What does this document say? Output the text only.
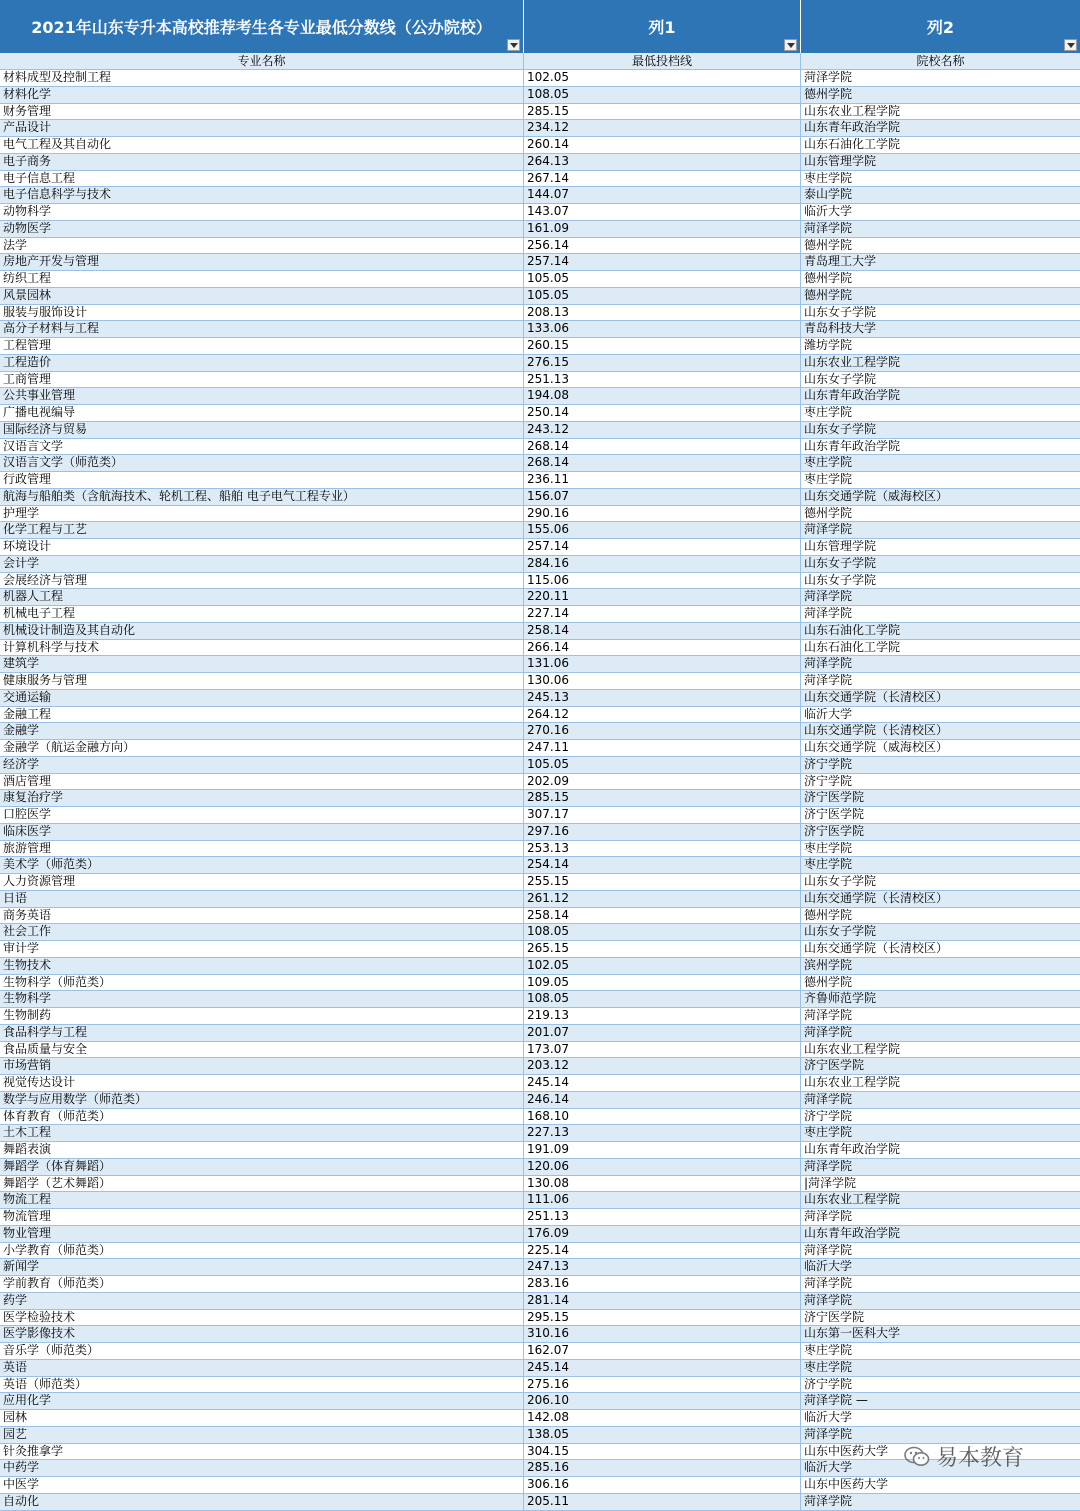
2021年山东专升本高校推荐考生各专业最低分数线（公办院校）	列1	列2
专业名称	最低投档线	院校名称
材料成型及控制工程	102.05	菏泽学院
材料化学	108.05	德州学院
财务管理	285.15	山东农业工程学院
产品设计	234.12	山东青年政治学院
电气工程及其自动化	260.14	山东石油化工学院
电子商务	264.13	山东管理学院
电子信息工程	267.14	枣庄学院
电子信息科学与技术	144.07	泰山学院
动物科学	143.07	临沂大学
动物医学	161.09	菏泽学院
法学	256.14	德州学院
房地产开发与管理	257.14	青岛理工大学
纺织工程	105.05	德州学院
风景园林	105.05	德州学院
服装与服饰设计	208.13	山东女子学院
高分子材料与工程	133.06	青岛科技大学
工程管理	260.15	潍坊学院
工程造价	276.15	山东农业工程学院
工商管理	251.13	山东女子学院
公共事业管理	194.08	山东青年政治学院
广播电视编导	250.14	枣庄学院
国际经济与贸易	243.12	山东女子学院
汉语言文学	268.14	山东青年政治学院
汉语言文学（师范类）	268.14	枣庄学院
行政管理	236.11	枣庄学院
航海与船舶类（含航海技术、轮机工程、船舶 电子电气工程专业）	156.07	山东交通学院（威海校区）
护理学	290.16	德州学院
化学工程与工艺	155.06	菏泽学院
环境设计	257.14	山东管理学院
会计学	284.16	山东女子学院
会展经济与管理	115.06	山东女子学院
机器人工程	220.11	菏泽学院
机械电子工程	227.14	菏泽学院
机械设计制造及其自动化	258.14	山东石油化工学院
计算机科学与技术	266.14	山东石油化工学院
建筑学	131.06	菏泽学院
健康服务与管理	130.06	菏泽学院
交通运输	245.13	山东交通学院（长清校区）
金融工程	264.12	临沂大学
金融学	270.16	山东交通学院（长清校区）
金融学（航运金融方向）	247.11	山东交通学院（威海校区）
经济学	105.05	济宁学院
酒店管理	202.09	济宁学院
康复治疗学	285.15	济宁医学院
口腔医学	307.17	济宁医学院
临床医学	297.16	济宁医学院
旅游管理	253.13	枣庄学院
美术学（师范类）	254.14	枣庄学院
人力资源管理	255.15	山东女子学院
日语	261.12	山东交通学院（长清校区）
商务英语	258.14	德州学院
社会工作	108.05	山东女子学院
审计学	265.15	山东交通学院（长清校区）
生物技术	102.05	滨州学院
生物科学（师范类）	109.05	德州学院
生物科学	108.05	齐鲁师范学院
生物制药	219.13	菏泽学院
食品科学与工程	201.07	菏泽学院
食品质量与安全	173.07	山东农业工程学院
市场营销	203.12	济宁医学院
视觉传达设计	245.14	山东农业工程学院
数学与应用数学（师范类）	246.14	菏泽学院
体育教育（师范类）	168.10	济宁学院
土木工程	227.13	枣庄学院
舞蹈表演	191.09	山东青年政治学院
舞蹈学（体育舞蹈）	120.06	菏泽学院
舞蹈学（艺术舞蹈）	130.08	|菏泽学院
物流工程	111.06	山东农业工程学院
物流管理	251.13	菏泽学院
物业管理	176.09	山东青年政治学院
小学教育（师范类）	225.14	菏泽学院
新闻学	247.13	临沂大学
学前教育（师范类）	283.16	菏泽学院
药学	281.14	菏泽学院
医学检验技术	295.15	济宁医学院
医学影像技术	310.16	山东第一医科大学
音乐学（师范类）	162.07	枣庄学院
英语	245.14	枣庄学院
英语（师范类）	275.16	济宁学院
应用化学	206.10	菏泽学院 —
园林	142.08	临沂大学
园艺	138.05	菏泽学院
针灸推拿学	304.15	山东中医药大学
中药学	285.16	临沂大学
中医学	306.16	山东中医药大学
自动化	205.11	菏泽学院
易本教育
